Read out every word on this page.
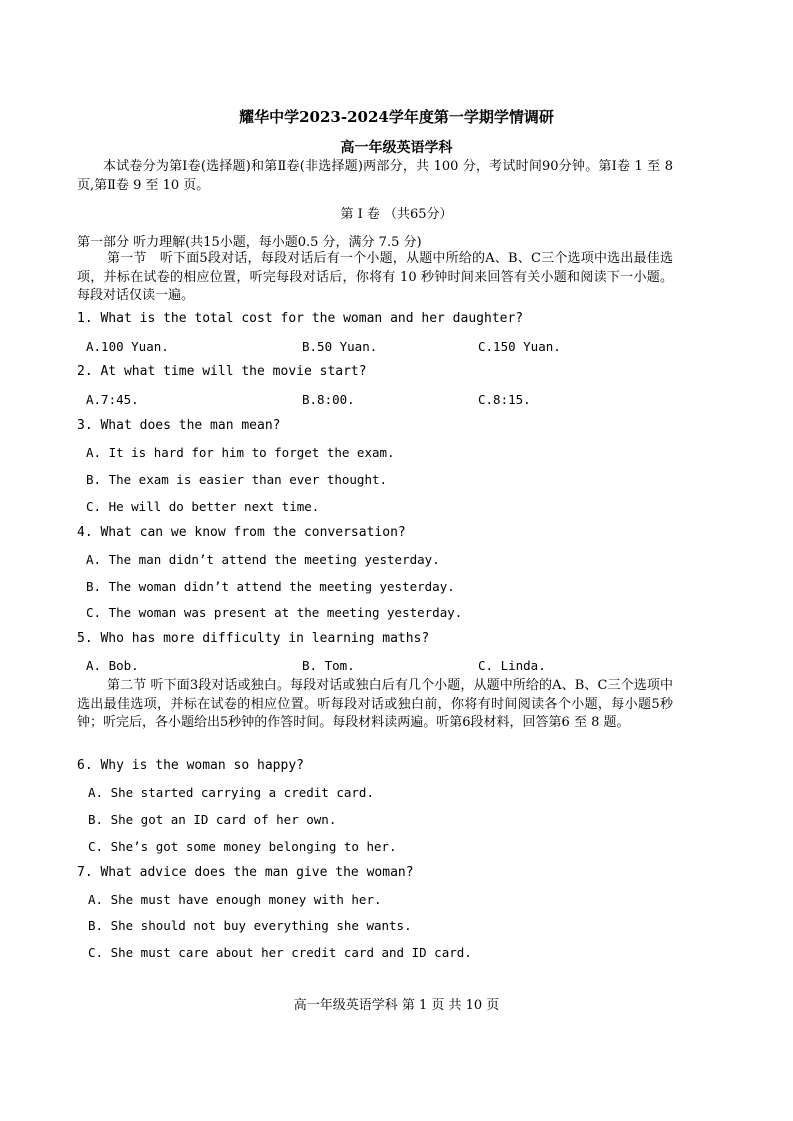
耀华中学2023-2024学年度第一学期学情调研
高一年级英语学科
本试卷分为第Ⅰ卷(选择题)和第Ⅱ卷(非选择题)两部分，共 100 分，考试时间90分钟。第Ⅰ卷 1 至 8页,第Ⅱ卷 9 至 10 页。
第 Ⅰ 卷 （共65分）
第一部分 听力理解(共15小题，每小题0.5 分，满分 7.5 分)
第一节　听下面5段对话，每段对话后有一个小题，从题中所给的A、B、C三个选项中选出最佳选项，并标在试卷的相应位置，听完每段对话后，你将有 10 秒钟时间来回答有关小题和阅读下一小题。每段对话仅读一遍。
1. What is the total cost for the woman and her daughter?
A.100 Yuan.	B.50 Yuan.	C.150 Yuan.
2. At what time will the movie start?
A.7:45.	B.8:00.	C.8:15.
3. What does the man mean?
A. It is hard for him to forget the exam.
B. The exam is easier than ever thought.
C. He will do better next time.
4. What can we know from the conversation?
A. The man didn’t attend the meeting yesterday.
B. The woman didn’t attend the meeting yesterday.
C. The woman was present at the meeting yesterday.
5. Who has more difficulty in learning maths?
A. Bob.	B. Tom.	C. Linda.
第二节 听下面3段对话或独白。每段对话或独白后有几个小题，从题中所给的A、B、C三个选项中选出最佳选项，并标在试卷的相应位置。听每段对话或独白前，你将有时间阅读各个小题，每小题5秒钟；听完后，各小题给出5秒钟的作答时间。每段材料读两遍。听第6段材料，回答第6 至 8 题。
6. Why is the woman so happy?
A. She started carrying a credit card.
B. She got an ID card of her own.
C. She’s got some money belonging to her.
7. What advice does the man give the woman?
A. She must have enough money with her.
B. She should not buy everything she wants.
C. She must care about her credit card and ID card.
高一年级英语学科 第 1 页 共 10 页
